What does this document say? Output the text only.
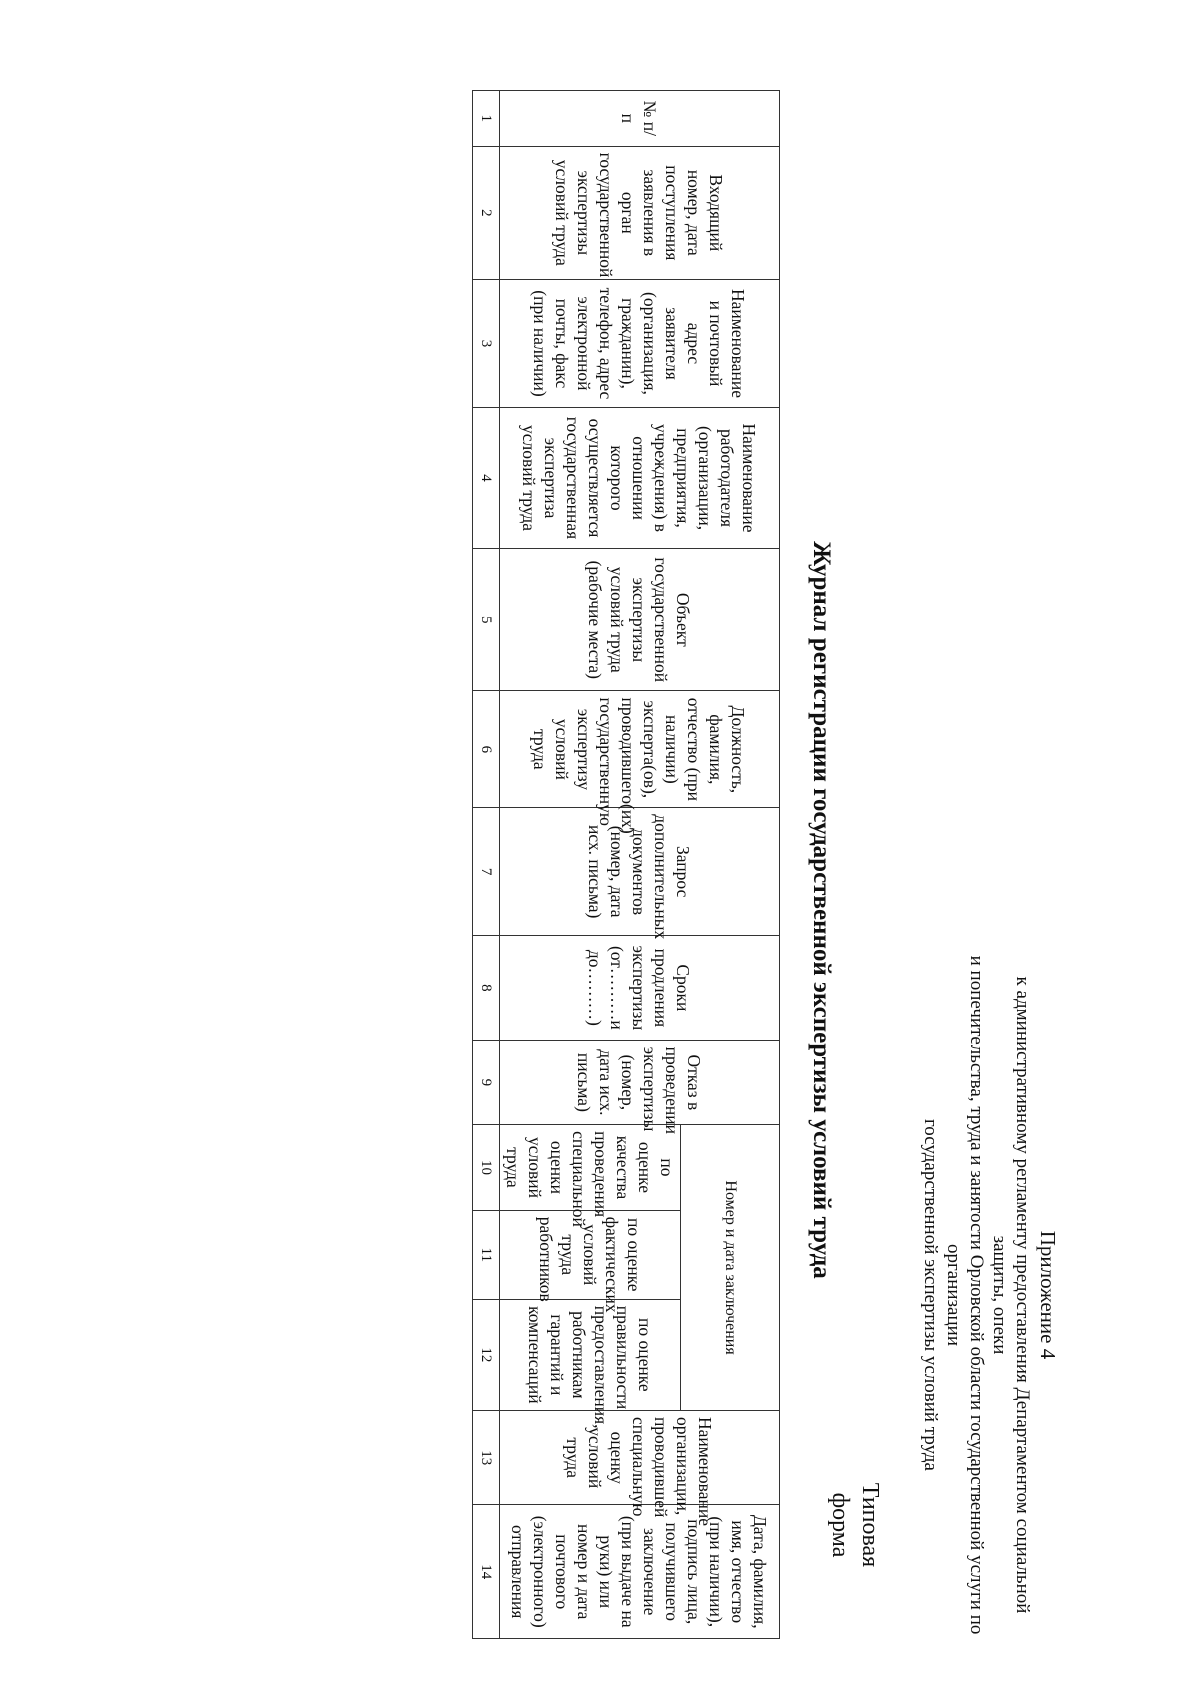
Приложение 4
к административному регламенту предоставления Департаментом социальной защиты, опеки
и попечительства, труда и занятости Орловской области государственной услуги по организации
государственной экспертизы условий труда
Типовая
форма
Журнал регистрации государственной экспертизы условий труда
№ п/п	Входящий номер, дата поступления заявления в орган государственной экспертизы условий труда	Наименование и почтовый адрес заявителя (организация, гражданин), телефон, адрес электронной почты, факс (при наличии)	Наименование работодателя (организации, предприятия, учреждения) в отношении которого осуществляется государственная экспертиза условий труда	Объект государственной экспертизы условий труда (рабочие места)	Должность, фамилия, отчество (при наличии) эксперта(ов), проводившего(их) государственную экспертизу условий труда	Запрос дополнительных документов (номер, дата исх. письма)	Сроки продления экспертизы (от………и до………)	Отказ в проведении экспертизы (номер, дата исх. письма)	Номер и дата заключения			Наименование организации, проводившей специальную оценку условий труда	Дата, фамилия, имя, отчество (при наличии), подпись лица, получившего заключение (при выдаче на руки) или номер и дата почтового (электронного) отправления
									по оценке качества проведения специальной оценки условий труда	по оценке фактических условий труда работников	по оценке правильности предоставления, работникам гарантий и компенсаций		
1	2	3	4	5	6	7	8	9	10	11	12	13	14
